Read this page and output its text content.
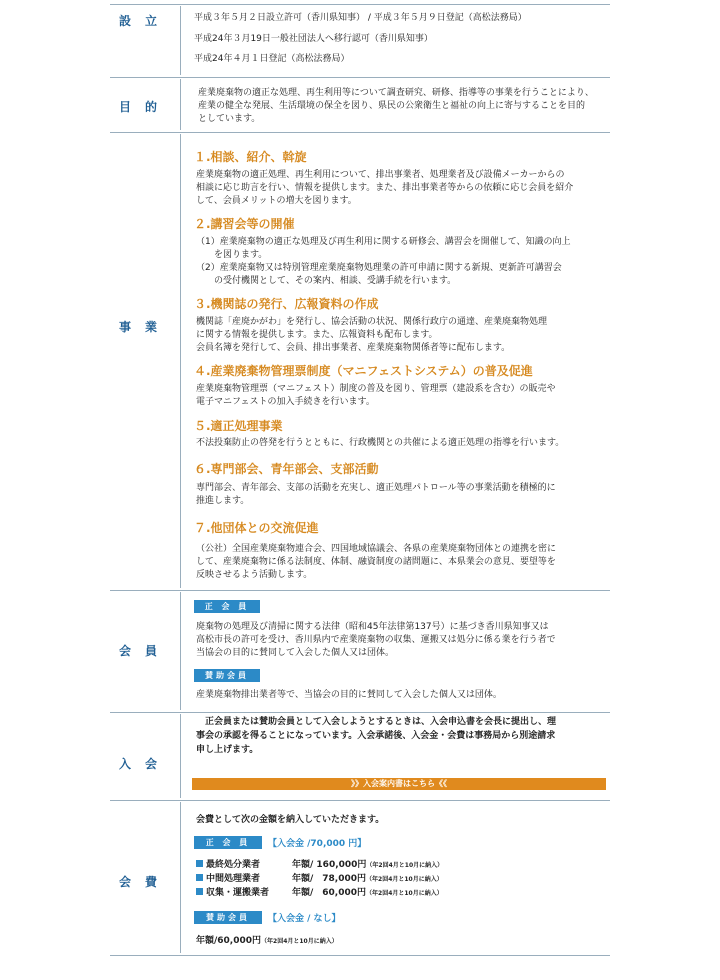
設立	平成３年５月２日設立許可（香川県知事） / 平成３年５月９日登記（高松法務局）
平成24年３月19日一般社団法人へ移行認可（香川県知事）
平成24年４月１日登記（高松法務局）
目的
産業廃棄物の適正な処理、再生利用等について調査研究、研修、指導等の事業を行うことにより、
産業の健全な発展、生活環境の保全を図り、県民の公衆衛生と福祉の向上に寄与することを目的
としています。
事業
１.相談、紹介、斡旋
産業廃棄物の適正処理、再生利用について、排出事業者、処理業者及び設備メーカーからの
相談に応じ助言を行い、情報を提供します。また、排出事業者等からの依頼に応じ会員を紹介
して、会員メリットの増大を図ります。
２.講習会等の開催
（1）産業廃棄物の適正な処理及び再生利用に関する研修会、講習会を開催して、知識の向上
　　を図ります。
（2）産業廃棄物又は特別管理産業廃棄物処理業の許可申請に関する新規、更新許可講習会
　　の受付機関として、その案内、相談、受講手続を行います。
３.機関誌の発行、広報資料の作成
機関誌「産廃かがわ」を発行し、協会活動の状況、関係行政庁の通達、産業廃棄物処理
に関する情報を提供します。また、広報資料も配布します。
会員名簿を発行して、会員、排出事業者、産業廃棄物関係者等に配布します。
４.産業廃棄物管理票制度（マニフェストシステム）の普及促進
産業廃棄物管理票（マニフェスト）制度の普及を図り、管理票（建設系を含む）の販売や
電子マニフェストの加入手続きを行います。
５.適正処理事業
不法投棄防止の啓発を行うとともに、行政機関との共催による適正処理の指導を行います。
６.専門部会、青年部会、支部活動
専門部会、青年部会、支部の活動を充実し、適正処理パトロール等の事業活動を積極的に
推進します。
７.他団体との交流促進
（公社）全国産業廃棄物連合会、四国地域協議会、各県の産業廃棄物団体との連携を密に
して、産業廃棄物に係る法制度、体制、融資制度の諸問題に、本県業会の意見、要望等を
反映させるよう活動します。
会員
正 会 員
廃棄物の処理及び清掃に関する法律（昭和45年法律第137号）に基づき香川県知事又は
高松市長の許可を受け、香川県内で産業廃棄物の収集、運搬又は処分に係る業を行う者で
当協会の目的に賛同して入会した個人又は団体。
賛助会員
産業廃棄物排出業者等で、当協会の目的に賛同して入会した個人又は団体。
入会
　正会員または賛助会員として入会しようとするときは、入会申込書を会長に提出し、理
事会の承認を得ることになっています。入会承諾後、入会金・会費は事務局から別途請求
申し上げます。
》》入会案内書はこちら《《
会費
会費として次の金額を納入していただきます。
正 会 員	【入会金 /70,000 円】
最終処分業者	年額/ 160,000円（年2回4月と10月に納入）
中間処理業者	年額/　78,000円（年2回4月と10月に納入）
収集・運搬業者	年額/　60,000円（年2回4月と10月に納入）
賛助会員	【入会金 / なし】
年額/60,000円（年2回4月と10月に納入）
